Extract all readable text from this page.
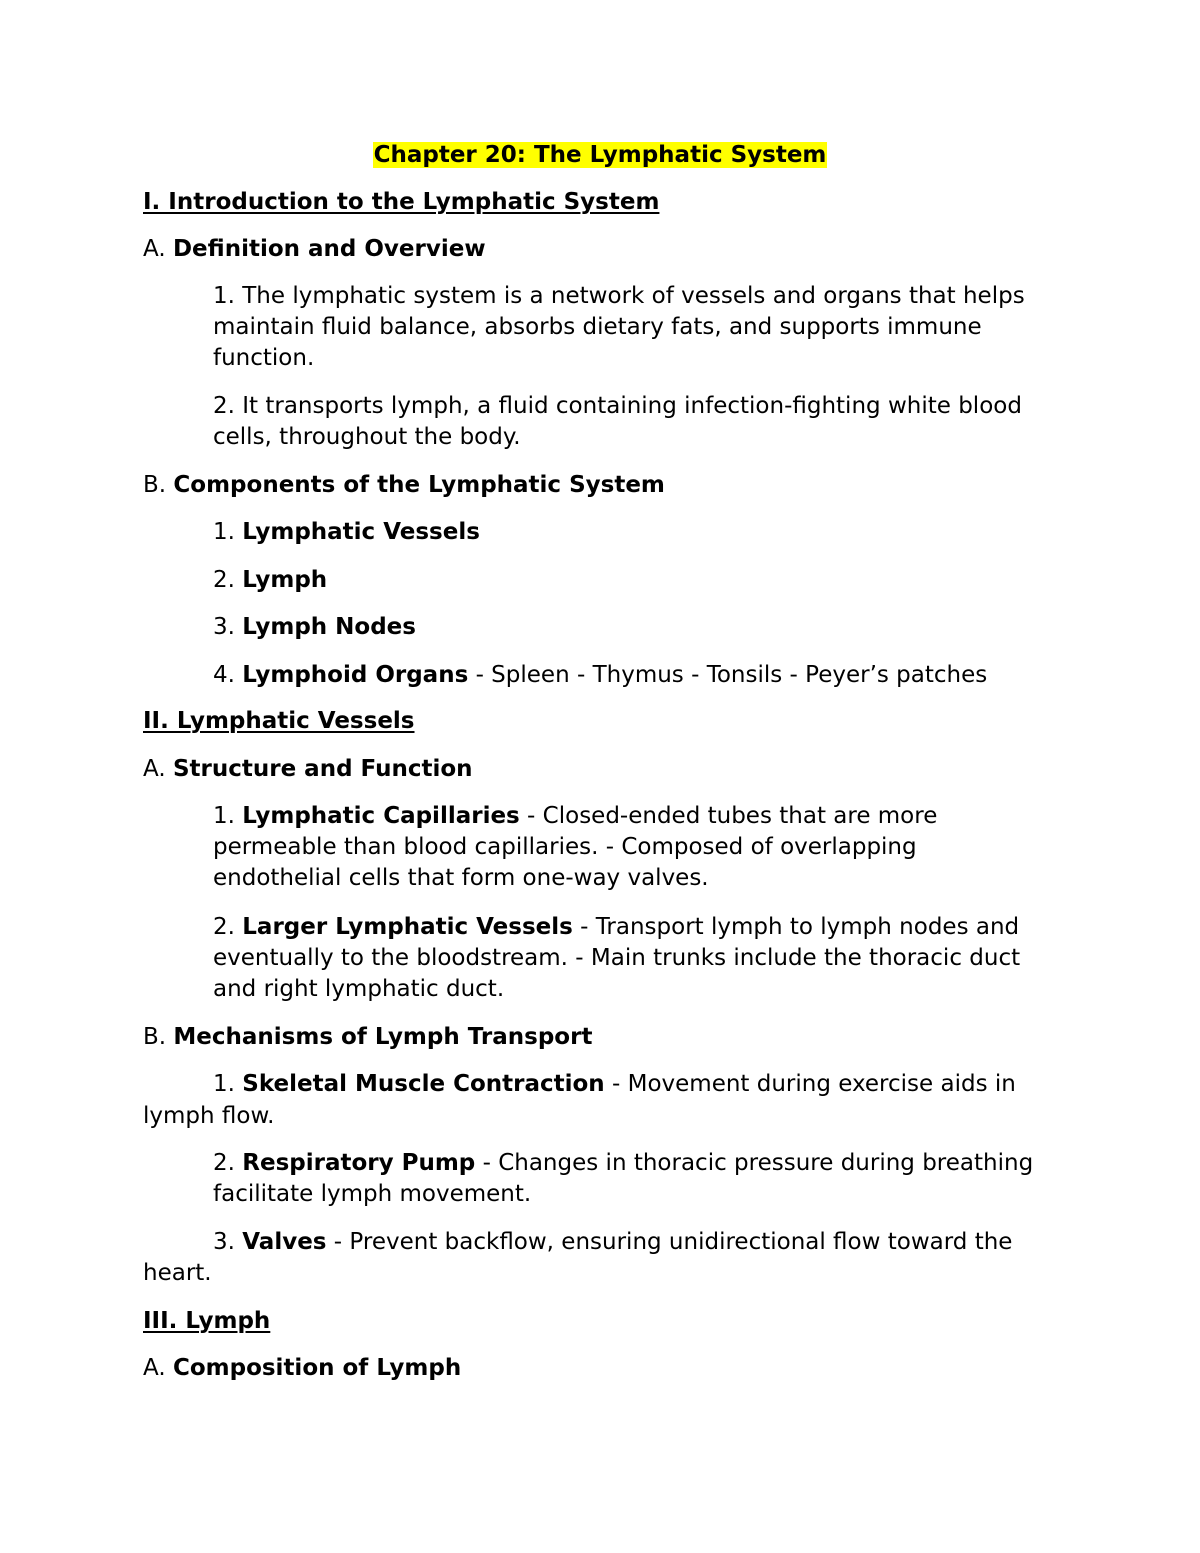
Chapter 20: The Lymphatic System
I. Introduction to the Lymphatic System
A. Definition and Overview
1. The lymphatic system is a network of vessels and organs that helps
maintain fluid balance, absorbs dietary fats, and supports immune
function.
2. It transports lymph, a fluid containing infection-fighting white blood
cells, throughout the body.
B. Components of the Lymphatic System
1. Lymphatic Vessels
2. Lymph
3. Lymph Nodes
4. Lymphoid Organs - Spleen - Thymus - Tonsils - Peyer’s patches
II. Lymphatic Vessels
A. Structure and Function
1. Lymphatic Capillaries - Closed-ended tubes that are more
permeable than blood capillaries. - Composed of overlapping
endothelial cells that form one-way valves.
2. Larger Lymphatic Vessels - Transport lymph to lymph nodes and
eventually to the bloodstream. - Main trunks include the thoracic duct
and right lymphatic duct.
B. Mechanisms of Lymph Transport
1. Skeletal Muscle Contraction - Movement during exercise aids in
lymph flow.
2. Respiratory Pump - Changes in thoracic pressure during breathing
facilitate lymph movement.
3. Valves - Prevent backflow, ensuring unidirectional flow toward the
heart.
III. Lymph
A. Composition of Lymph
